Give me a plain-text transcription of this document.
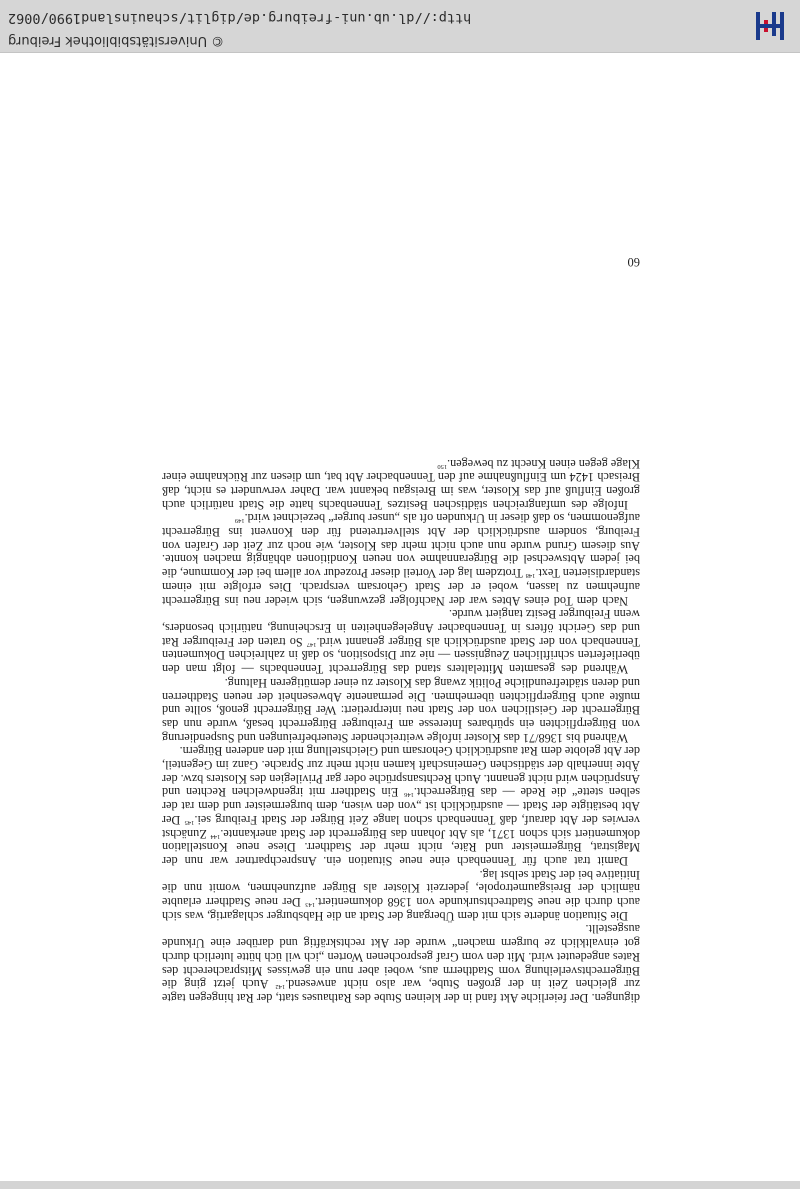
digungen. Der feierliche Akt fand in der kleinen Stube des Rathauses statt, der Rat hingegen tagte zur gleichen Zeit in der großen Stube, war also nicht anwesend.$^{142}$ Auch jetzt ging die Bürgerrechtsverleihung vom Stadtherrn aus, wobei aber nun ein gewisses Mitspracherecht des Rates angedeutet wird. Mit den vom Graf gesprochenen Worten „ich wil üch hütte luterlich durch got einvaltklich ze burgern machen“ wurde der Akt rechtskräftig und darüber eine Urkunde ausgestellt.

Die Situation änderte sich mit dem Übergang der Stadt an die Habsburger schlagartig, was sich auch durch die neue Stadtrechtsurkunde von 1368 dokumentiert.$^{143}$ Der neue Stadtherr erlaubte nämlich der Breisgaumetropole, jederzeit Klöster als Bürger aufzunehmen, womit nun die Initiative bei der Stadt selbst lag.

Damit trat auch für Tennenbach eine neue Situation ein. Ansprechpartner war nun der Magistrat, Bürgermeister und Räte, nicht mehr der Stadtherr. Diese neue Konstellation dokumentiert sich schon 1371, als Abt Johann das Bürgerrecht der Stadt anerkannte.$^{144}$ Zunächst verwies der Abt darauf, daß Tennenbach schon lange Zeit Bürger der Stadt Freiburg sei.$^{145}$ Der Abt bestätigte der Stadt — ausdrücklich ist „von den wisen, dem burgermeister und dem rat der selben stette“ die Rede — das Bürgerrecht.$^{146}$ Ein Stadtherr mit irgendwelchen Rechten und Ansprüchen wird nicht genannt. Auch Rechtsansprüche oder gar Privilegien des Klosters bzw. der Äbte innerhalb der städtischen Gemeinschaft kamen nicht mehr zur Sprache. Ganz im Gegenteil, der Abt gelobte dem Rat ausdrücklich Gehorsam und Gleichstellung mit den anderen Bürgern.

Während bis 1368/71 das Kloster infolge weitreichender Steuerbefreiungen und Suspendierung von Bürgerpflichten ein spürbares Interesse am Freiburger Bürgerrecht besaß, wurde nun das Bürgerrecht der Geistlichen von der Stadt neu interpretiert: Wer Bürgerrecht genoß, sollte und mußte auch Bürgerpflichten übernehmen. Die permanente Abwesenheit der neuen Stadtherren und deren städtefreundliche Politik zwang das Kloster zu einer demütigeren Haltung.

Während des gesamten Mittelalters stand das Bürgerrecht Tennenbachs — folgt man den überlieferten schriftlichen Zeugnissen — nie zur Disposition, so daß in zahlreichen Dokumenten Tennenbach von der Stadt ausdrücklich als Bürger genannt wird.$^{147}$ So traten der Freiburger Rat und das Gericht öfters in Tennenbacher Angelegenheiten in Erscheinung, natürlich besonders, wenn Freiburger Besitz tangiert wurde.

Nach dem Tod eines Abtes war der Nachfolger gezwungen, sich wieder neu ins Bürgerrecht aufnehmen zu lassen, wobei er der Stadt Gehorsam versprach. Dies erfolgte mit einem standardisierten Text.$^{148}$ Trotzdem lag der Vorteil dieser Prozedur vor allem bei der Kommune, die bei jedem Abtswechsel die Bürgerannahme von neuen Konditionen abhängig machen konnte. Aus diesem Grund wurde nun auch nicht mehr das Kloster, wie noch zur Zeit der Grafen von Freiburg, sondern ausdrücklich der Abt stellvertretend für den Konvent ins Bürgerrecht aufgenommen, so daß dieser in Urkunden oft als „unser burger“ bezeichnet wird.$^{149}$

Infolge des umfangreichen städtischen Besitzes Tennenbachs hatte die Stadt natürlich auch großen Einfluß auf das Kloster, was im Breisgau bekannt war. Daher verwundert es nicht, daß Breisach 1424 um Einflußnahme auf den Tennenbacher Abt bat, um diesen zur Rücknahme einer Klage gegen einen Knecht zu bewegen.$^{150}$

60
http://dl.ub.uni-freiburg.de/diglit/schauinsland1990/0062
©Universitätsbibliothek Freiburg
